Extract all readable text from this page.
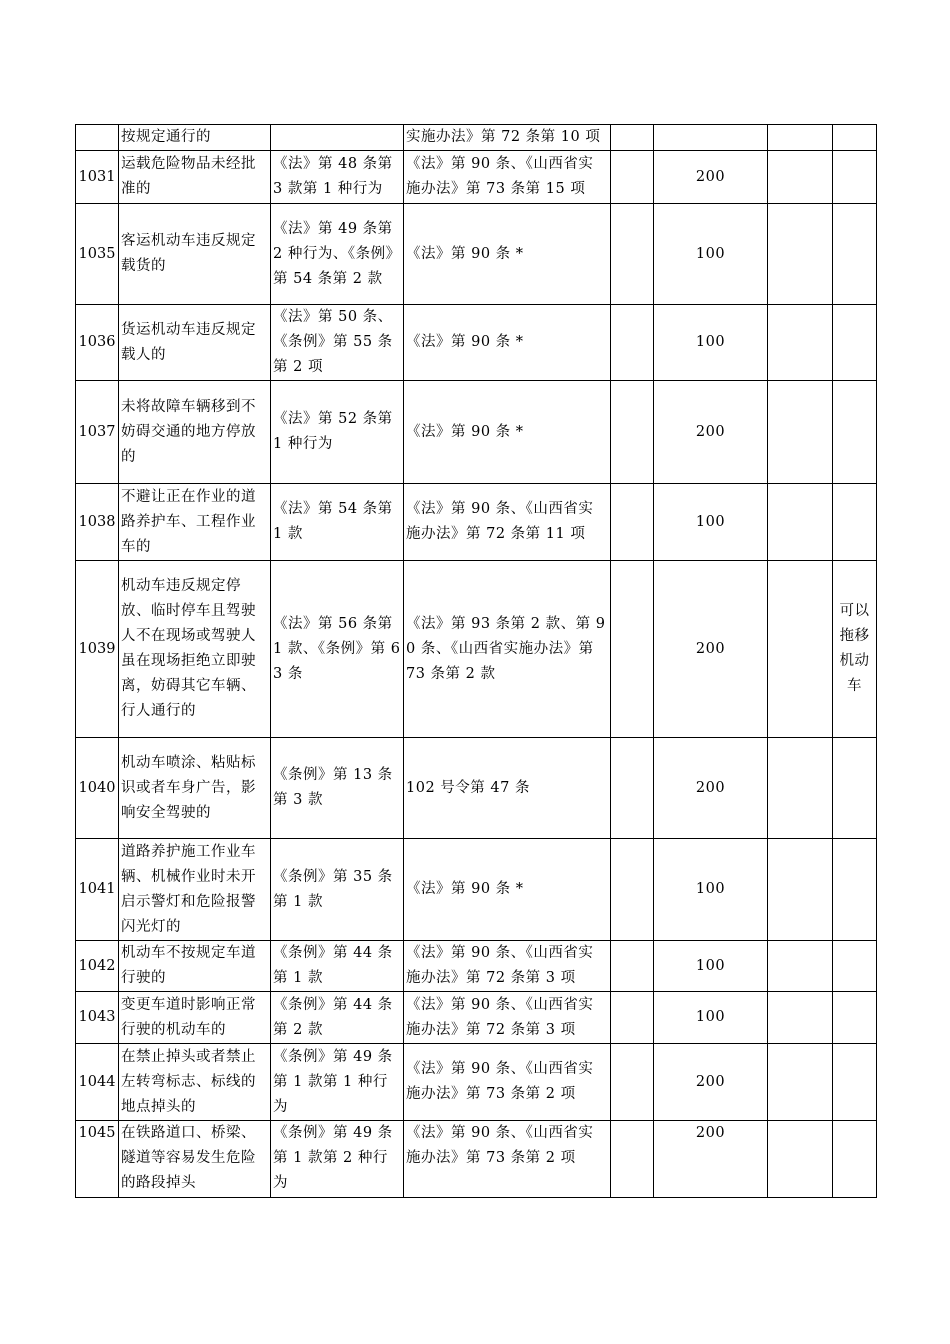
	按规定通行的		实施办法》第 72 条第 10 项				
1031	运载危险物品未经批准的	《法》第 48 条第 3 款第 1 种行为	《法》第 90 条、《山西省实施办法》第 73 条第 15 项		200		
1035	客运机动车违反规定载货的	《法》第 49 条第 2 种行为、《条例》第 54 条第 2 款	《法》第 90 条 *		100		
1036	货运机动车违反规定载人的	《法》第 50 条、《条例》第 55 条第 2 项	《法》第 90 条 *		100		
1037	未将故障车辆移到不妨碍交通的地方停放的	《法》第 52 条第 1 种行为	《法》第 90 条 *		200		
1038	不避让正在作业的道路养护车、工程作业车的	《法》第 54 条第 1 款	《法》第 90 条、《山西省实施办法》第 72 条第 11 项		100		
1039	机动车违反规定停放、临时停车且驾驶人不在现场或驾驶人虽在现场拒绝立即驶离，妨碍其它车辆、行人通行的	《法》第 56 条第 1 款、《条例》第 63 条	《法》第 93 条第 2 款、第 90 条、《山西省实施办法》第 73 条第 2 款		200		可以拖移机动车
1040	机动车喷涂、粘贴标识或者车身广告，影响安全驾驶的	《条例》第 13 条第 3 款	102 号令第 47 条		200		
1041	道路养护施工作业车辆、机械作业时未开启示警灯和危险报警闪光灯的	《条例》第 35 条第 1 款	《法》第 90 条 *		100		
1042	机动车不按规定车道行驶的	《条例》第 44 条第 1 款	《法》第 90 条、《山西省实施办法》第 72 条第 3 项		100		
1043	变更车道时影响正常行驶的机动车的	《条例》第 44 条第 2 款	《法》第 90 条、《山西省实施办法》第 72 条第 3 项		100		
1044	在禁止掉头或者禁止左转弯标志、标线的地点掉头的	《条例》第 49 条第 1 款第 1 种行为	《法》第 90 条、《山西省实施办法》第 73 条第 2 项		200		
1045	在铁路道口、桥梁、隧道等容易发生危险的路段掉头	《条例》第 49 条第 1 款第 2 种行为	《法》第 90 条、《山西省实施办法》第 73 条第 2 项		200		
